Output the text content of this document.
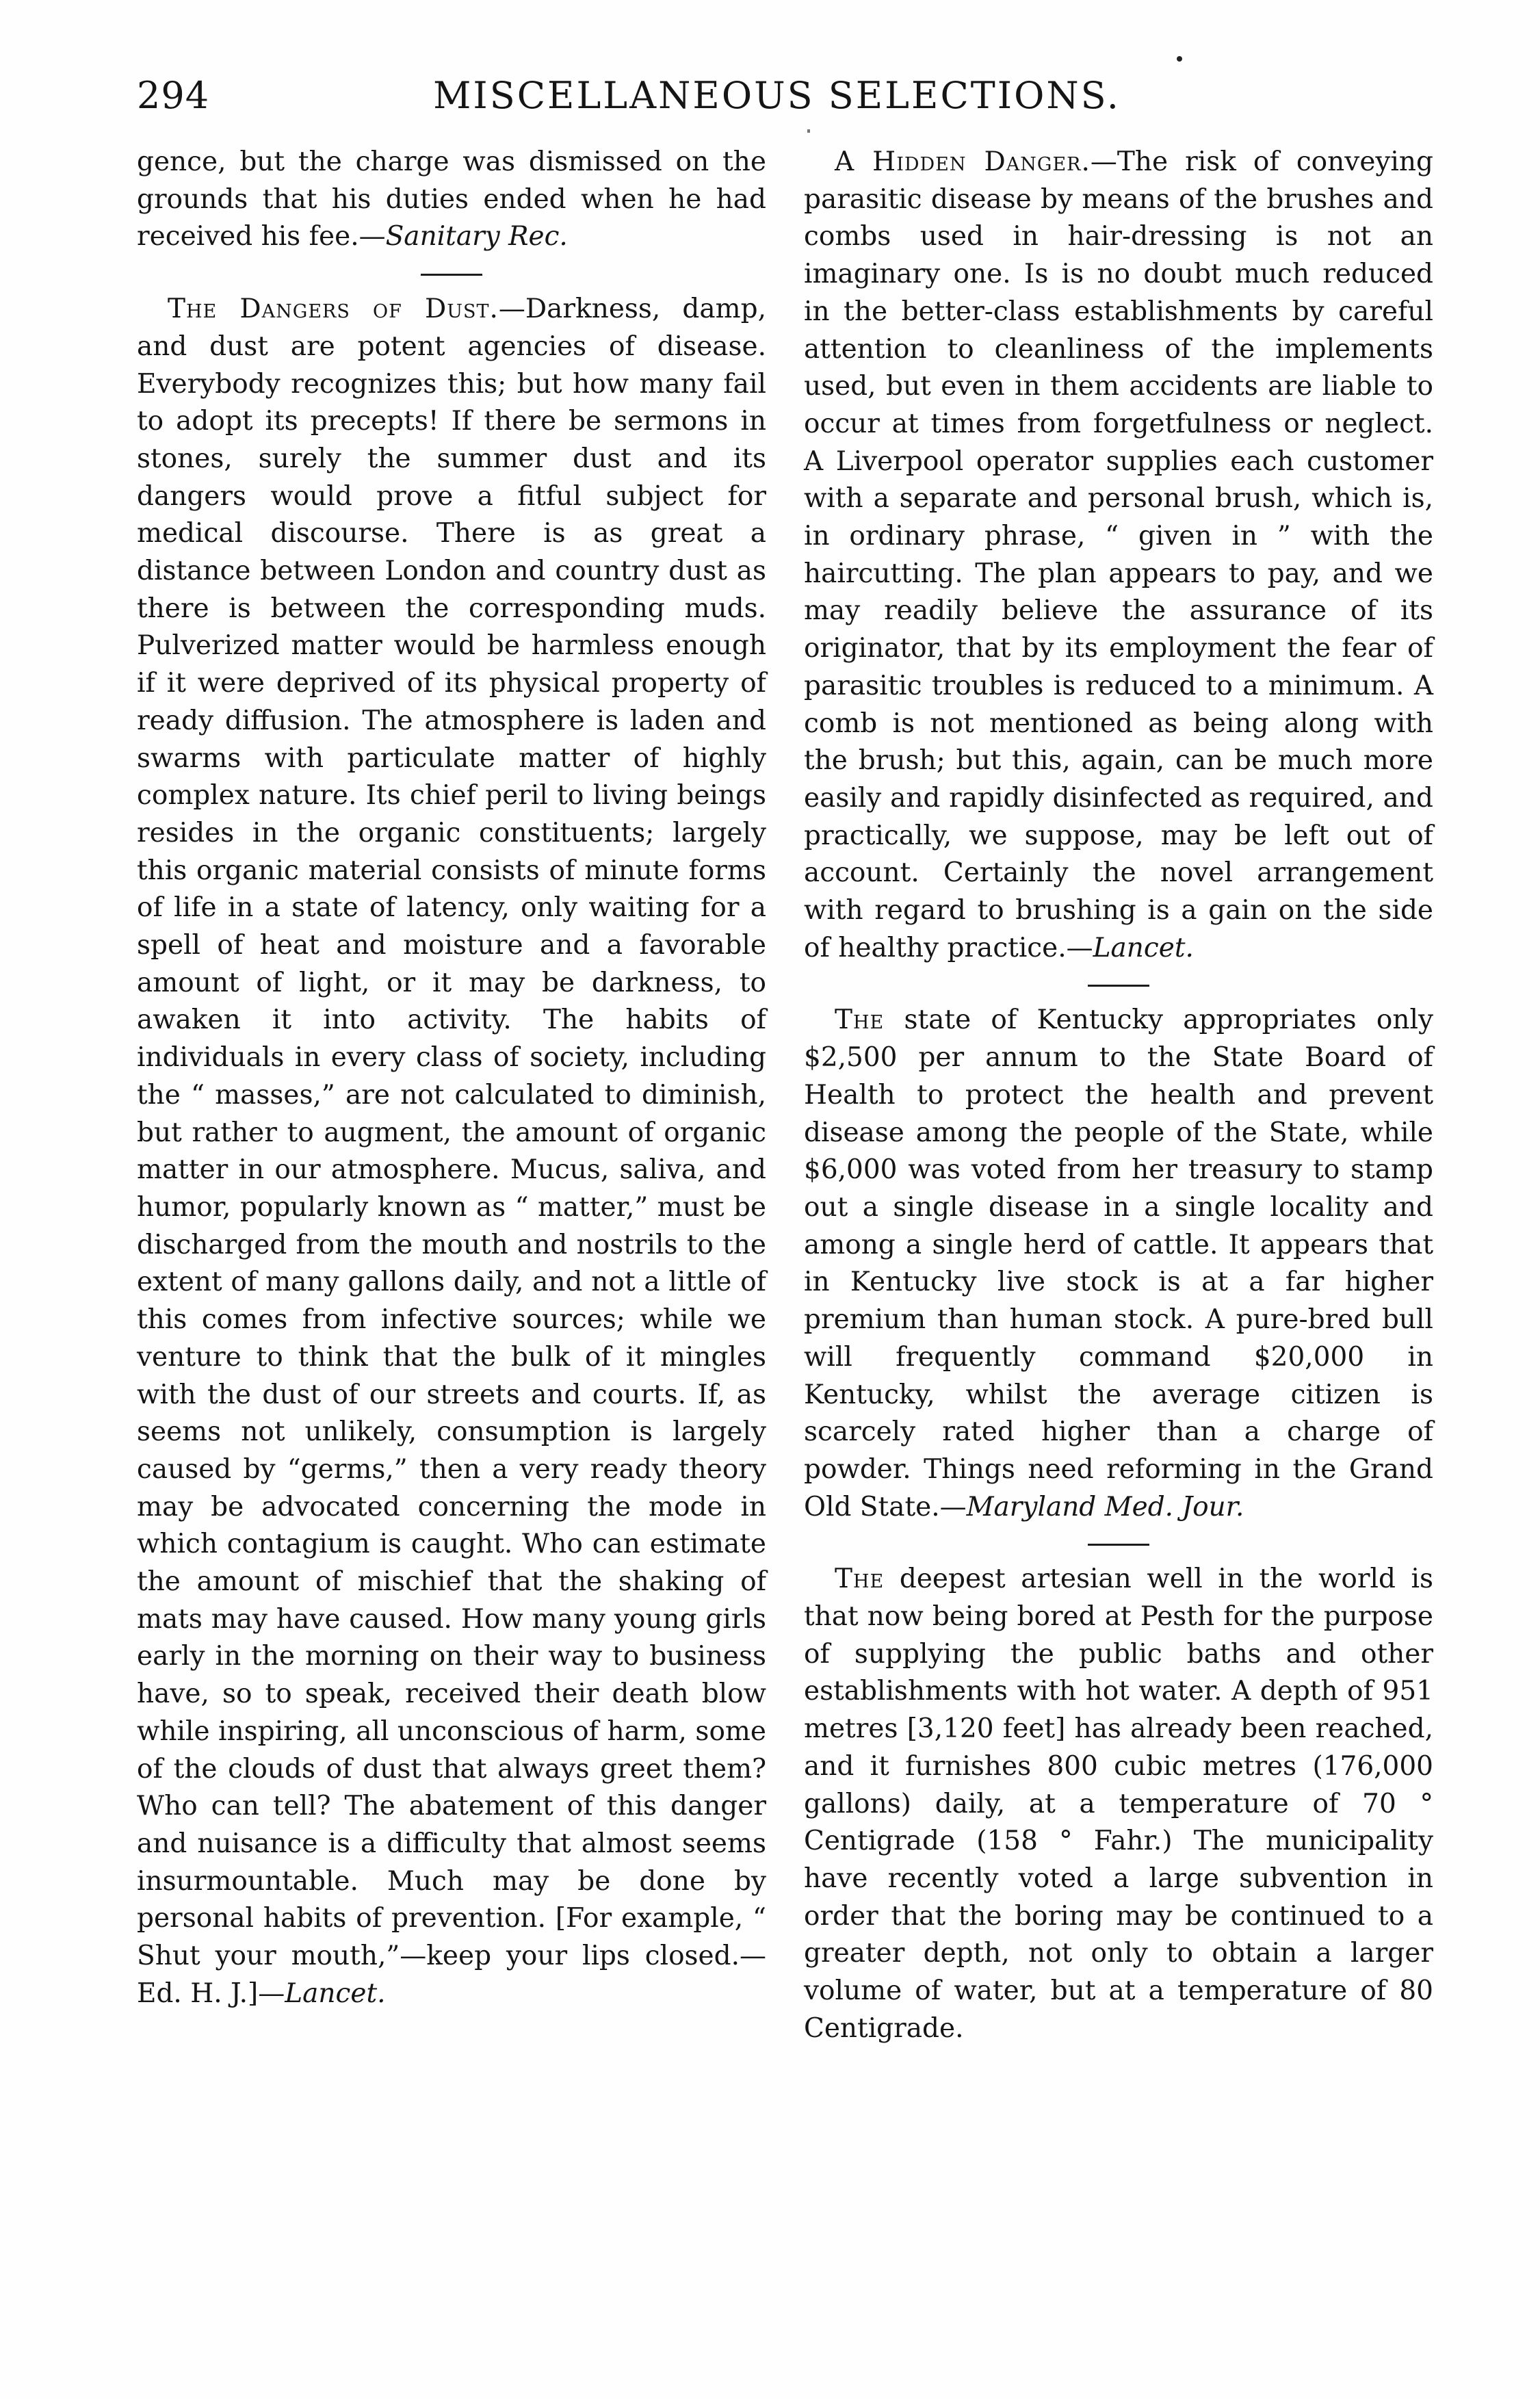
294	MISCELLANEOUS SELECTIONS.

gence, but the charge was dismissed on the grounds that his duties ended when he had received his fee.—Sanitary Rec.

The Dangers of Dust.—Darkness, damp, and dust are potent agencies of disease. Everybody recognizes this; but how many fail to adopt its precepts! If there be sermons in stones, surely the summer dust and its dangers would prove a fitful subject for medical discourse. There is as great a distance between London and country dust as there is between the corresponding muds. Pulverized matter would be harmless enough if it were deprived of its physical property of ready diffusion. The atmosphere is laden and swarms with particulate matter of highly complex nature. Its chief peril to living beings resides in the organic constituents; largely this organic material consists of minute forms of life in a state of latency, only waiting for a spell of heat and moisture and a favorable amount of light, or it may be darkness, to awaken it into activity. The habits of individuals in every class of society, including the “ masses,” are not calculated to diminish, but rather to augment, the amount of organic matter in our atmosphere. Mucus, saliva, and humor, popularly known as “ matter,” must be discharged from the mouth and nostrils to the extent of many gallons daily, and not a little of this comes from infective sources; while we venture to think that the bulk of it mingles with the dust of our streets and courts. If, as seems not unlikely, consumption is largely caused by “germs,” then a very ready theory may be advocated concerning the mode in which contagium is caught. Who can estimate the amount of mischief that the shaking of mats may have caused. How many young girls early in the morning on their way to business have, so to speak, received their death blow while inspiring, all unconscious of harm, some of the clouds of dust that always greet them? Who can tell? The abatement of this danger and nuisance is a difficulty that almost seems insurmountable. Much may be done by personal habits of prevention. [For example, “ Shut your mouth,”—keep your lips closed.—Ed. H. J.]—Lancet.

A Hidden Danger.—The risk of conveying parasitic disease by means of the brushes and combs used in hair-dressing is not an imaginary one. Is is no doubt much reduced in the better-class establishments by careful attention to cleanliness of the implements used, but even in them accidents are liable to occur at times from forgetfulness or neglect. A Liverpool operator supplies each customer with a separate and personal brush, which is, in ordinary phrase, “ given in ” with the haircutting. The plan appears to pay, and we may readily believe the assurance of its originator, that by its employment the fear of parasitic troubles is reduced to a minimum. A comb is not mentioned as being along with the brush; but this, again, can be much more easily and rapidly disinfected as required, and practically, we suppose, may be left out of account. Certainly the novel arrangement with regard to brushing is a gain on the side of healthy practice.—Lancet.

The state of Kentucky appropriates only $2,500 per annum to the State Board of Health to protect the health and prevent disease among the people of the State, while $6,000 was voted from her treasury to stamp out a single disease in a single locality and among a single herd of cattle. It appears that in Kentucky live stock is at a far higher premium than human stock. A pure-bred bull will frequently command $20,000 in Kentucky, whilst the average citizen is scarcely rated higher than a charge of powder. Things need reforming in the Grand Old State.—Maryland Med. Jour.

The deepest artesian well in the world is that now being bored at Pesth for the purpose of supplying the public baths and other establishments with hot water. A depth of 951 metres [3,120 feet] has already been reached, and it furnishes 800 cubic metres (176,000 gallons) daily, at a temperature of 70 ° Centigrade (158 ° Fahr.) The municipality have recently voted a large subvention in order that the boring may be continued to a greater depth, not only to obtain a larger volume of water, but at a temperature of 80 Centigrade.
